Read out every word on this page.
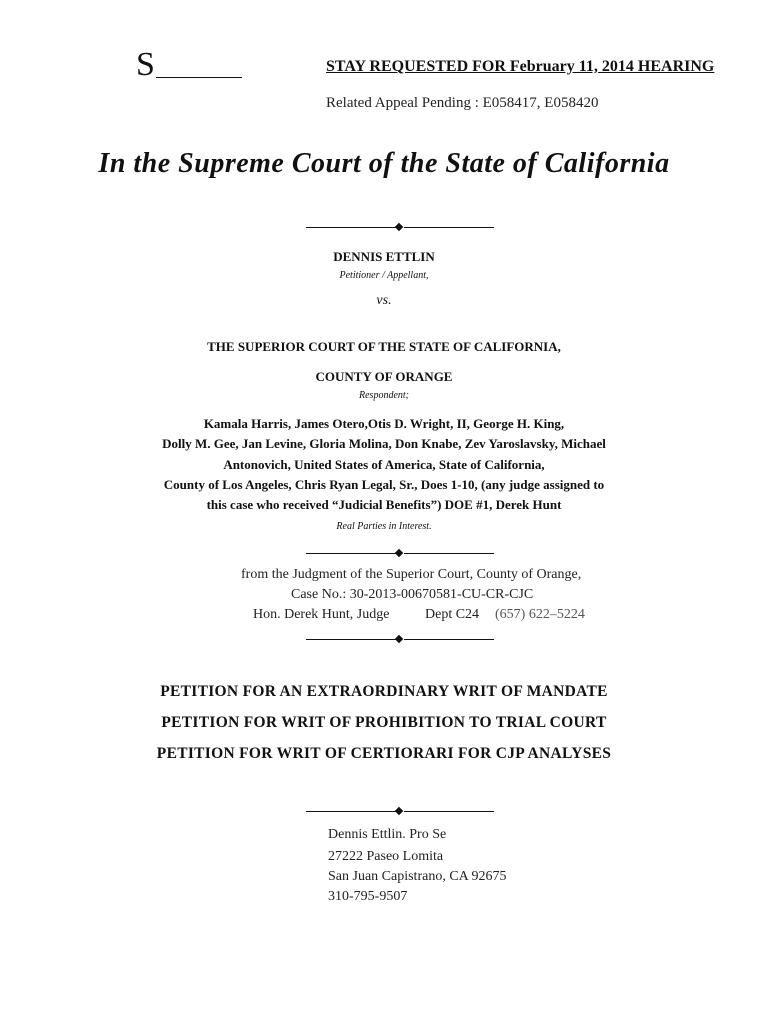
S	STAY REQUESTED FOR February 11, 2014 HEARING
Related Appeal Pending : E058417, E058420
In the Supreme Court of the State of California
DENNIS ETTLIN
Petitioner / Appellant,
vs.
THE SUPERIOR COURT OF THE STATE OF CALIFORNIA,
COUNTY OF ORANGE
Respondent;
Kamala Harris, James Otero,Otis D. Wright, II, George H. King,
Dolly M. Gee, Jan Levine, Gloria Molina, Don Knabe, Zev Yaroslavsky, Michael
Antonovich, United States of America, State of California,
County of Los Angeles, Chris Ryan Legal, Sr., Does 1-10, (any judge assigned to
this case who received “Judicial Benefits”) DOE #1, Derek Hunt
Real Parties in Interest.
from the Judgment of the Superior Court, County of Orange,
Case No.: 30-2013-00670581-CU-CR-CJC
Hon. Derek Hunt, Judge	Dept C24 (657) 622–5224
PETITION FOR AN EXTRAORDINARY WRIT OF MANDATE
PETITION FOR WRIT OF PROHIBITION TO TRIAL COURT
PETITION FOR WRIT OF CERTIORARI FOR CJP ANALYSES
Dennis Ettlin. Pro Se
27222 Paseo Lomita
San Juan Capistrano, CA 92675
310-795-9507
